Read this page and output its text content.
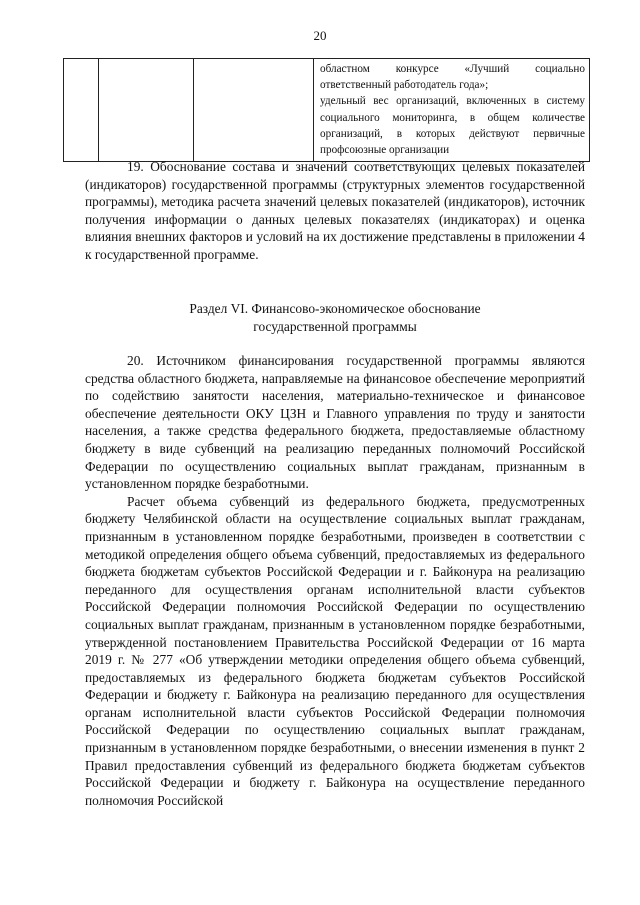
20

областном конкурсе «Лучший социально ответственный работодатель года»;

удельный вес организаций, включенных в систему социального мониторинга, в общем количестве организаций, в которых действуют первичные профсоюзные организации

19. Обоснование состава и значений соответствующих целевых показателей (индикаторов) государственной программы (структурных элементов государственной программы), методика расчета значений целевых показателей (индикаторов), источник получения информации о данных целевых показателях (индикаторах) и оценка влияния внешних факторов и условий на их достижение представлены в приложении 4 к государственной программе.

Раздел VI. Финансово-экономическое обоснование
государственной программы

20. Источником финансирования государственной программы являются средства областного бюджета, направляемые на финансовое обеспечение мероприятий по содействию занятости населения, материально-техническое и финансовое обеспечение деятельности ОКУ ЦЗН и Главного управления по труду и занятости населения, а также средства федерального бюджета, предоставляемые областному бюджету в виде субвенций на реализацию переданных полномочий Российской Федерации по осуществлению социальных выплат гражданам, признанным в установленном порядке безработными.

Расчет объема субвенций из федерального бюджета, предусмотренных бюджету Челябинской области на осуществление социальных выплат гражданам, признанным в установленном порядке безработными, произведен в соответствии с методикой определения общего объема субвенций, предоставляемых из федерального бюджета бюджетам субъектов Российской Федерации и г. Байконура на реализацию переданного для осуществления органам исполнительной власти субъектов Российской Федерации полномочия Российской Федерации по осуществлению социальных выплат гражданам, признанным в установленном порядке безработными, утвержденной постановлением Правительства Российской Федерации от 16 марта 2019 г. № 277 «Об утверждении методики определения общего объема субвенций, предоставляемых из федерального бюджета бюджетам субъектов Российской Федерации и бюджету г. Байконура на реализацию переданного для осуществления органам исполнительной власти субъектов Российской Федерации полномочия Российской Федерации по осуществлению социальных выплат гражданам, признанным в установленном порядке безработными, о внесении изменения в пункт 2 Правил предоставления субвенций из федерального бюджета бюджетам субъектов Российской Федерации и бюджету г. Байконура на осуществление переданного полномочия Российской
